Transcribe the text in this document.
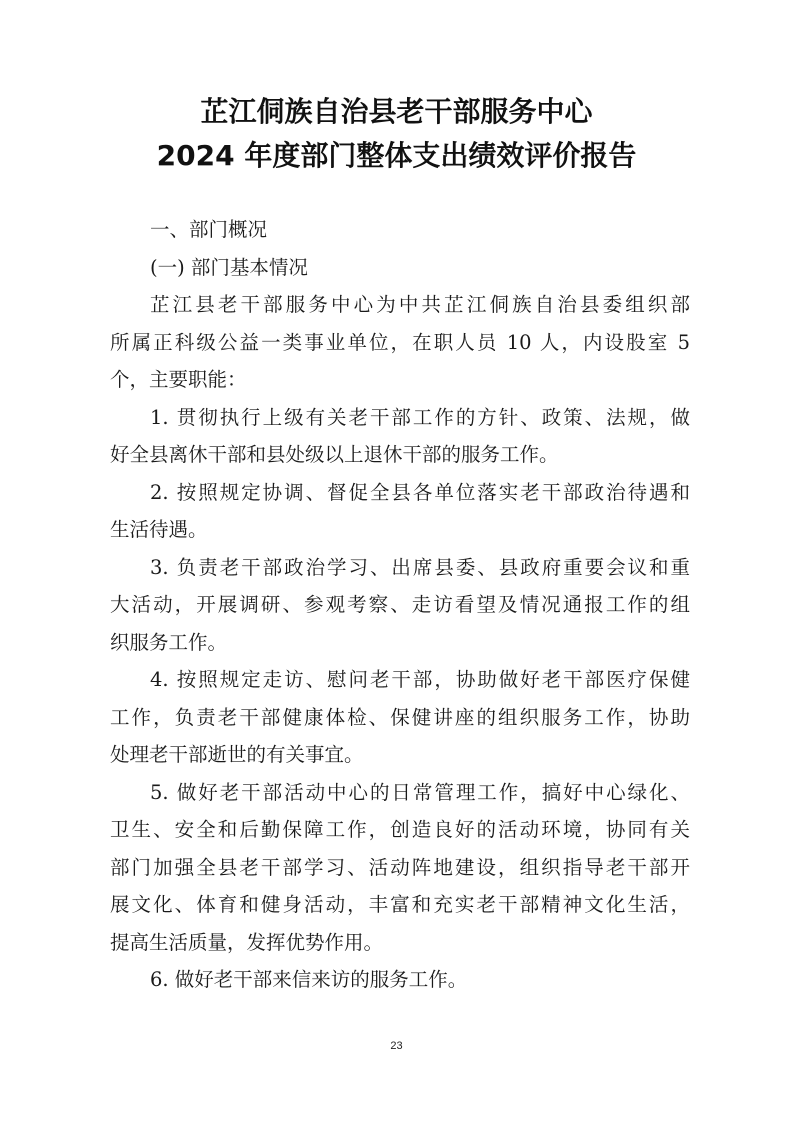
芷江侗族自治县老干部服务中心
2024 年度部门整体支出绩效评价报告
一、部门概况
(一) 部门基本情况
芷江县老干部服务中心为中共芷江侗族自治县委组织部
所属正科级公益一类事业单位，在职人员 10 人，内设股室 5
个，主要职能：
1. 贯彻执行上级有关老干部工作的方针、政策、法规，做
好全县离休干部和县处级以上退休干部的服务工作。
2. 按照规定协调、督促全县各单位落实老干部政治待遇和
生活待遇。
3. 负责老干部政治学习、出席县委、县政府重要会议和重
大活动，开展调研、参观考察、走访看望及情况通报工作的组
织服务工作。
4. 按照规定走访、慰问老干部，协助做好老干部医疗保健
工作，负责老干部健康体检、保健讲座的组织服务工作，协助
处理老干部逝世的有关事宜。
5. 做好老干部活动中心的日常管理工作，搞好中心绿化、
卫生、安全和后勤保障工作，创造良好的活动环境，协同有关
部门加强全县老干部学习、活动阵地建设，组织指导老干部开
展文化、体育和健身活动，丰富和充实老干部精神文化生活，
提高生活质量，发挥优势作用。
6. 做好老干部来信来访的服务工作。
23
